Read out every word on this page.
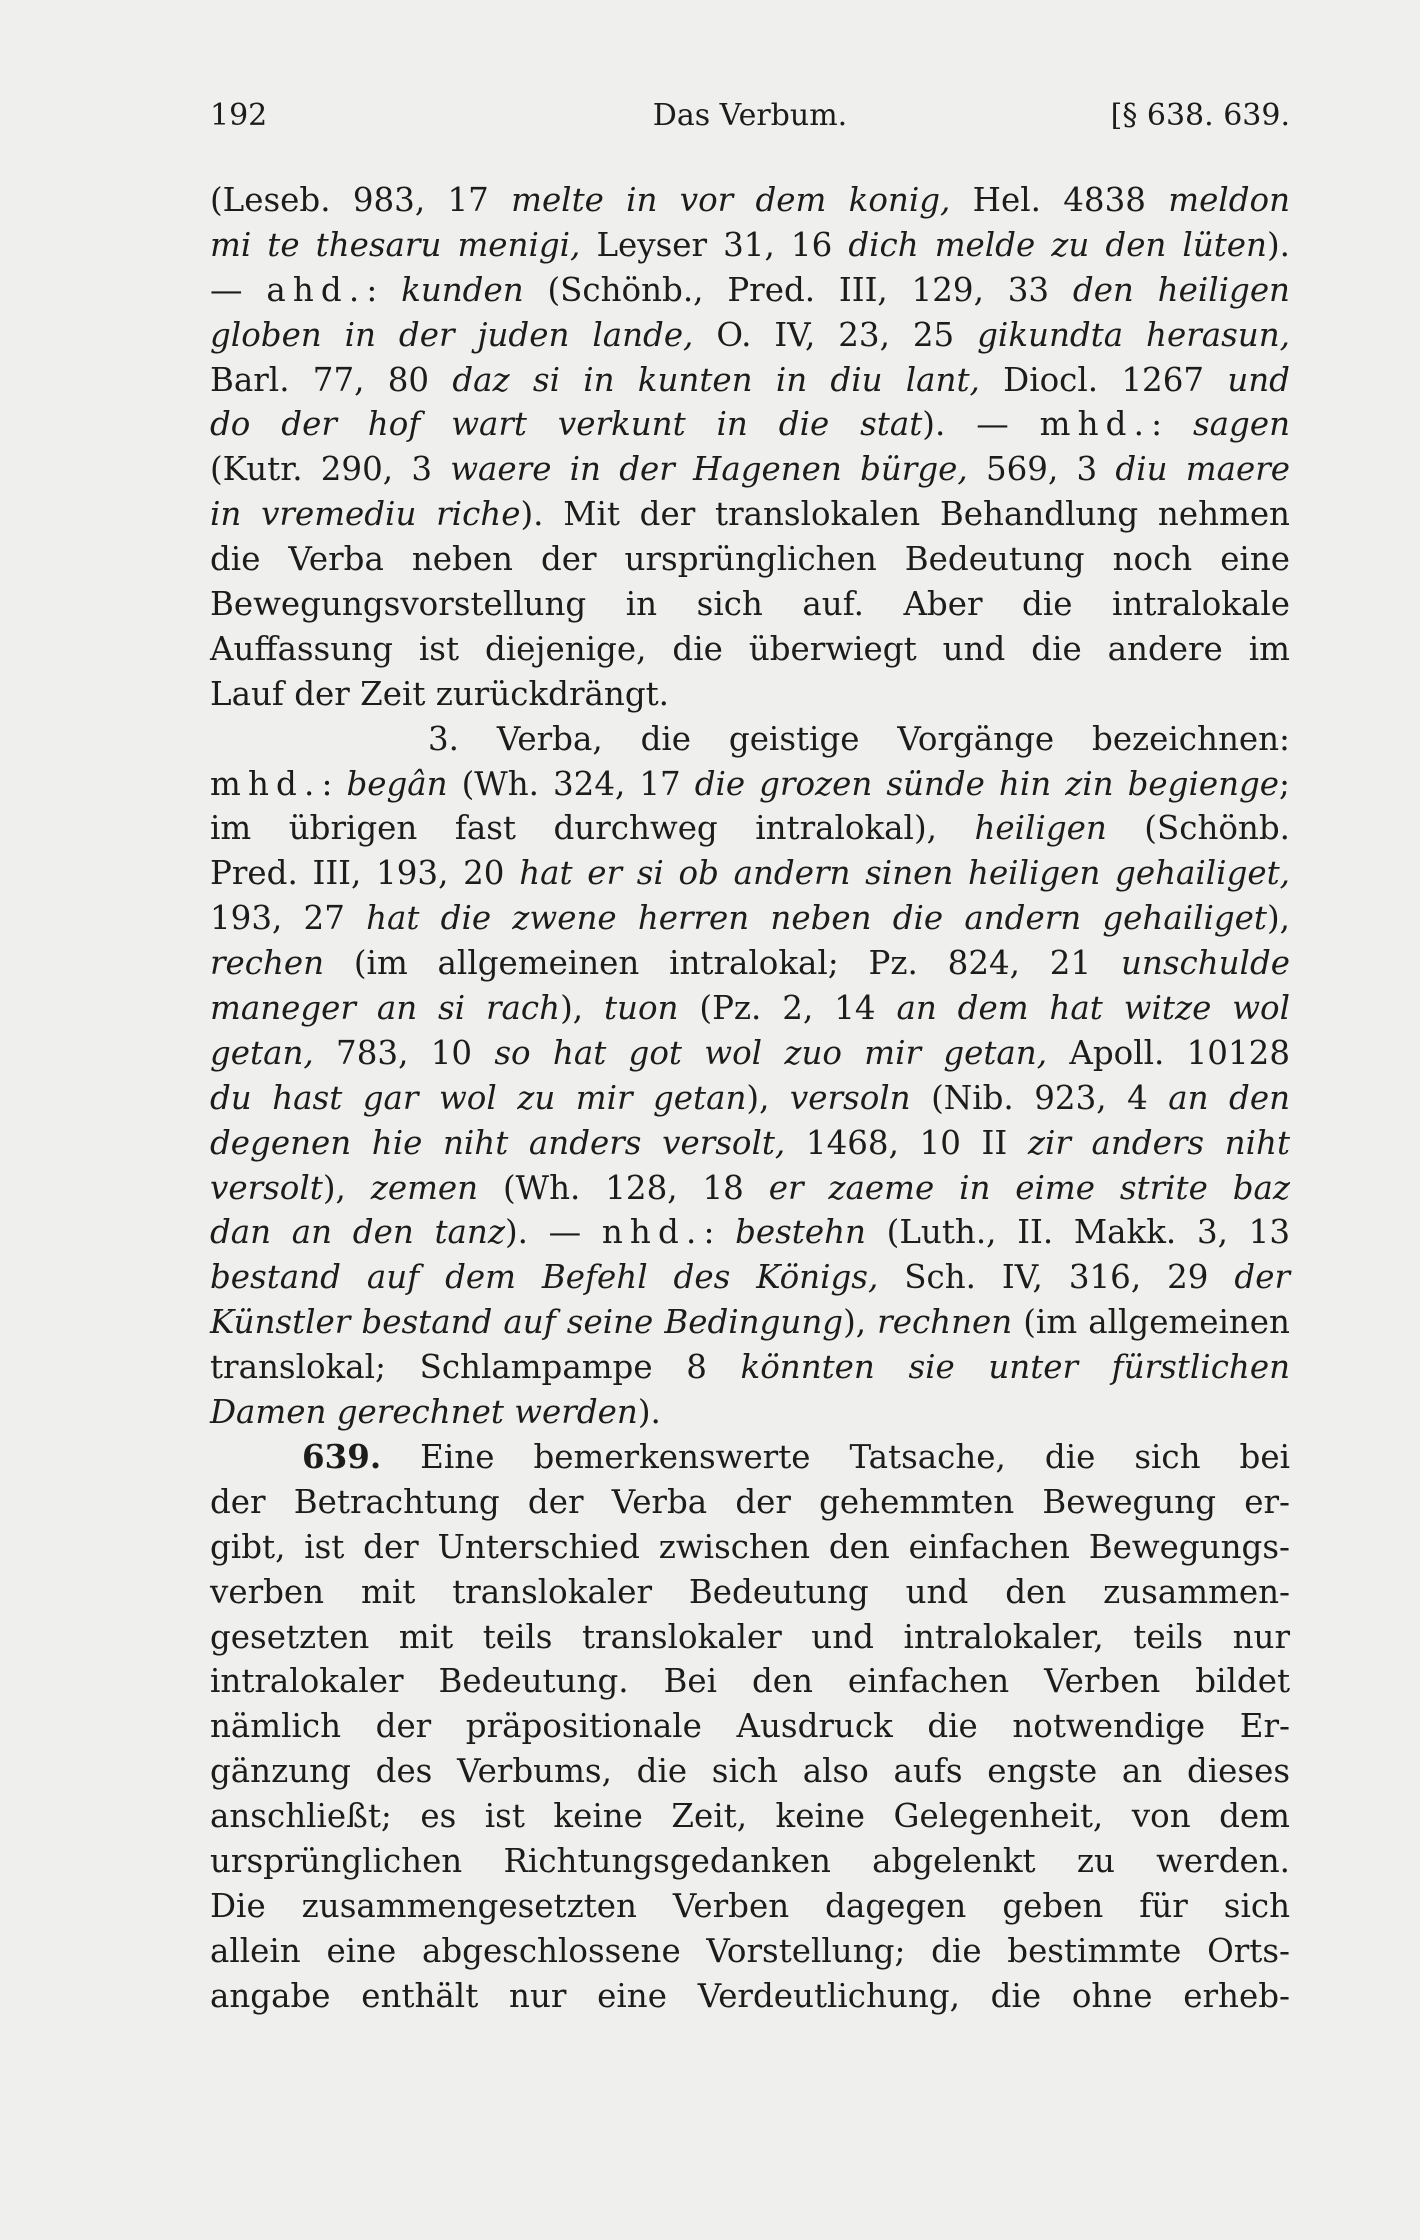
192	Das Verbum.	[§ 638. 639.
(Leseb. 983, 17 melte in vor dem konig, Hel. 4838 meldon
mi te thesaru menigi, Leyser 31, 16 dich melde zu den lüten).
— ahd.: kunden (Schönb., Pred. III, 129, 33 den heiligen
globen in der juden lande, O. IV, 23, 25 gikundta herasun,
Barl. 77, 80 daz si in kunten in diu lant, Diocl. 1267 und
do der hof wart verkunt in die stat). — mhd.: sagen
(Kutr. 290, 3 waere in der Hagenen bürge, 569, 3 diu maere
in vremediu riche). Mit der translokalen Behandlung nehmen
die Verba neben der ursprünglichen Bedeutung noch eine
Bewegungsvorstellung in sich auf. Aber die intralokale
Auffassung ist diejenige, die überwiegt und die andere im
Lauf der Zeit zurückdrängt.
3. Verba, die geistige Vorgänge bezeichnen:
mhd.: begân (Wh. 324, 17 die grozen sünde hin zin begienge;
im übrigen fast durchweg intralokal), heiligen (Schönb.
Pred. III, 193, 20 hat er si ob andern sinen heiligen gehailiget,
193, 27 hat die zwene herren neben die andern gehailiget),
rechen (im allgemeinen intralokal; Pz. 824, 21 unschulde
maneger an si rach), tuon (Pz. 2, 14 an dem hat witze wol
getan, 783, 10 so hat got wol zuo mir getan, Apoll. 10128
du hast gar wol zu mir getan), versoln (Nib. 923, 4 an den
degenen hie niht anders versolt, 1468, 10 II zir anders niht
versolt), zemen (Wh. 128, 18 er zaeme in eime strite baz
dan an den tanz). — nhd.: bestehn (Luth., II. Makk. 3, 13
bestand auf dem Befehl des Königs, Sch. IV, 316, 29 der
Künstler bestand auf seine Bedingung), rechnen (im allgemeinen
translokal; Schlampampe 8 könnten sie unter fürstlichen
Damen gerechnet werden).
639. Eine bemerkenswerte Tatsache, die sich bei
der Betrachtung der Verba der gehemmten Bewegung er-
gibt, ist der Unterschied zwischen den einfachen Bewegungs-
verben mit translokaler Bedeutung und den zusammen-
gesetzten mit teils translokaler und intralokaler, teils nur
intralokaler Bedeutung. Bei den einfachen Verben bildet
nämlich der präpositionale Ausdruck die notwendige Er-
gänzung des Verbums, die sich also aufs engste an dieses
anschließt; es ist keine Zeit, keine Gelegenheit, von dem
ursprünglichen Richtungsgedanken abgelenkt zu werden.
Die zusammengesetzten Verben dagegen geben für sich
allein eine abgeschlossene Vorstellung; die bestimmte Orts-
angabe enthält nur eine Verdeutlichung, die ohne erheb-
